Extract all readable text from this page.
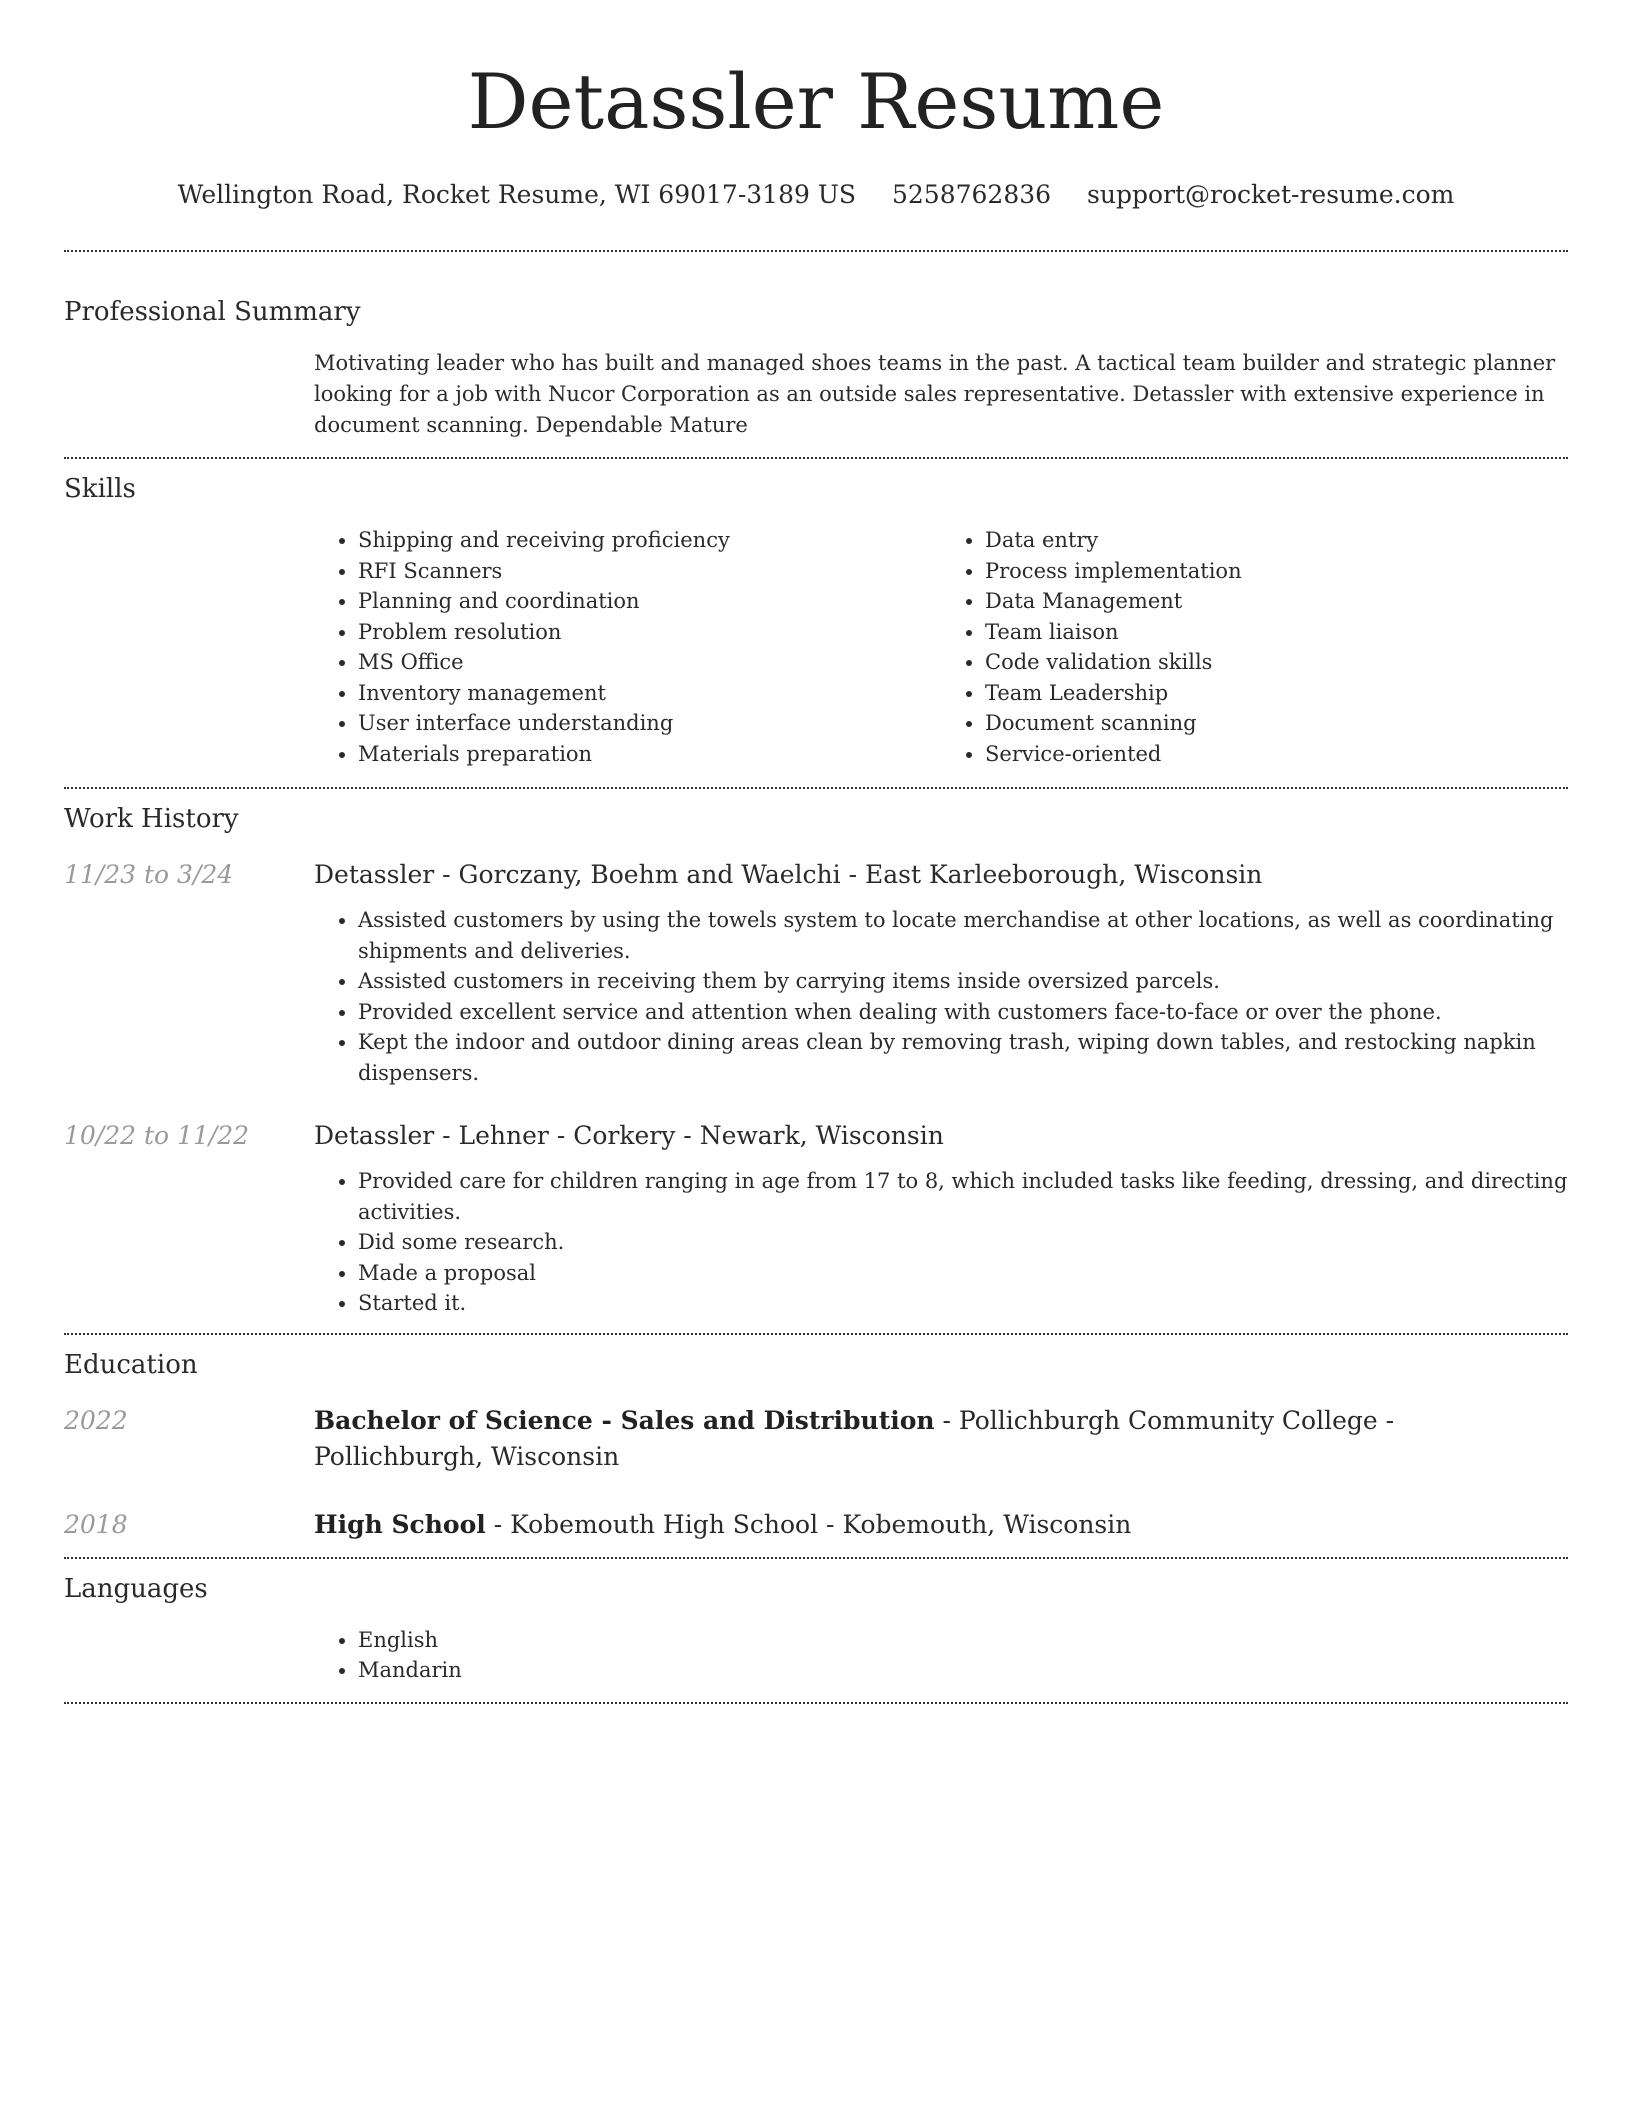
Detassler Resume
Wellington Road, Rocket Resume, WI 69017-3189 US 5258762836 support@rocket-resume.com
Professional Summary

Motivating leader who has built and managed shoes teams in the past. A tactical team builder and strategic planner looking for a job with Nucor Corporation as an outside sales representative. Detassler with extensive experience in document scanning. Dependable Mature

Skills
• Shipping and receiving proficiency
• RFI Scanners
• Planning and coordination
• Problem resolution
• MS Office
• Inventory management
• User interface understanding
• Materials preparation
• Data entry
• Process implementation
• Data Management
• Team liaison
• Code validation skills
• Team Leadership
• Document scanning
• Service-oriented
Work History
11/23 to 3/24	Detassler - Gorczany, Boehm and Waelchi - East Karleeborough, Wisconsin
• Assisted customers by using the towels system to locate merchandise at other locations, as well as coordinating shipments and deliveries.
• Assisted customers in receiving them by carrying items inside oversized parcels.
• Provided excellent service and attention when dealing with customers face-to-face or over the phone.
• Kept the indoor and outdoor dining areas clean by removing trash, wiping down tables, and restocking napkin dispensers.
10/22 to 11/22	Detassler - Lehner - Corkery - Newark, Wisconsin
• Provided care for children ranging in age from 17 to 8, which included tasks like feeding, dressing, and directing activities.
• Did some research.
• Made a proposal
• Started it.
Education
2022	Bachelor of Science - Sales and Distribution - Pollichburgh Community College - Pollichburgh, Wisconsin
2018	High School - Kobemouth High School - Kobemouth, Wisconsin
Languages
• English
• Mandarin
